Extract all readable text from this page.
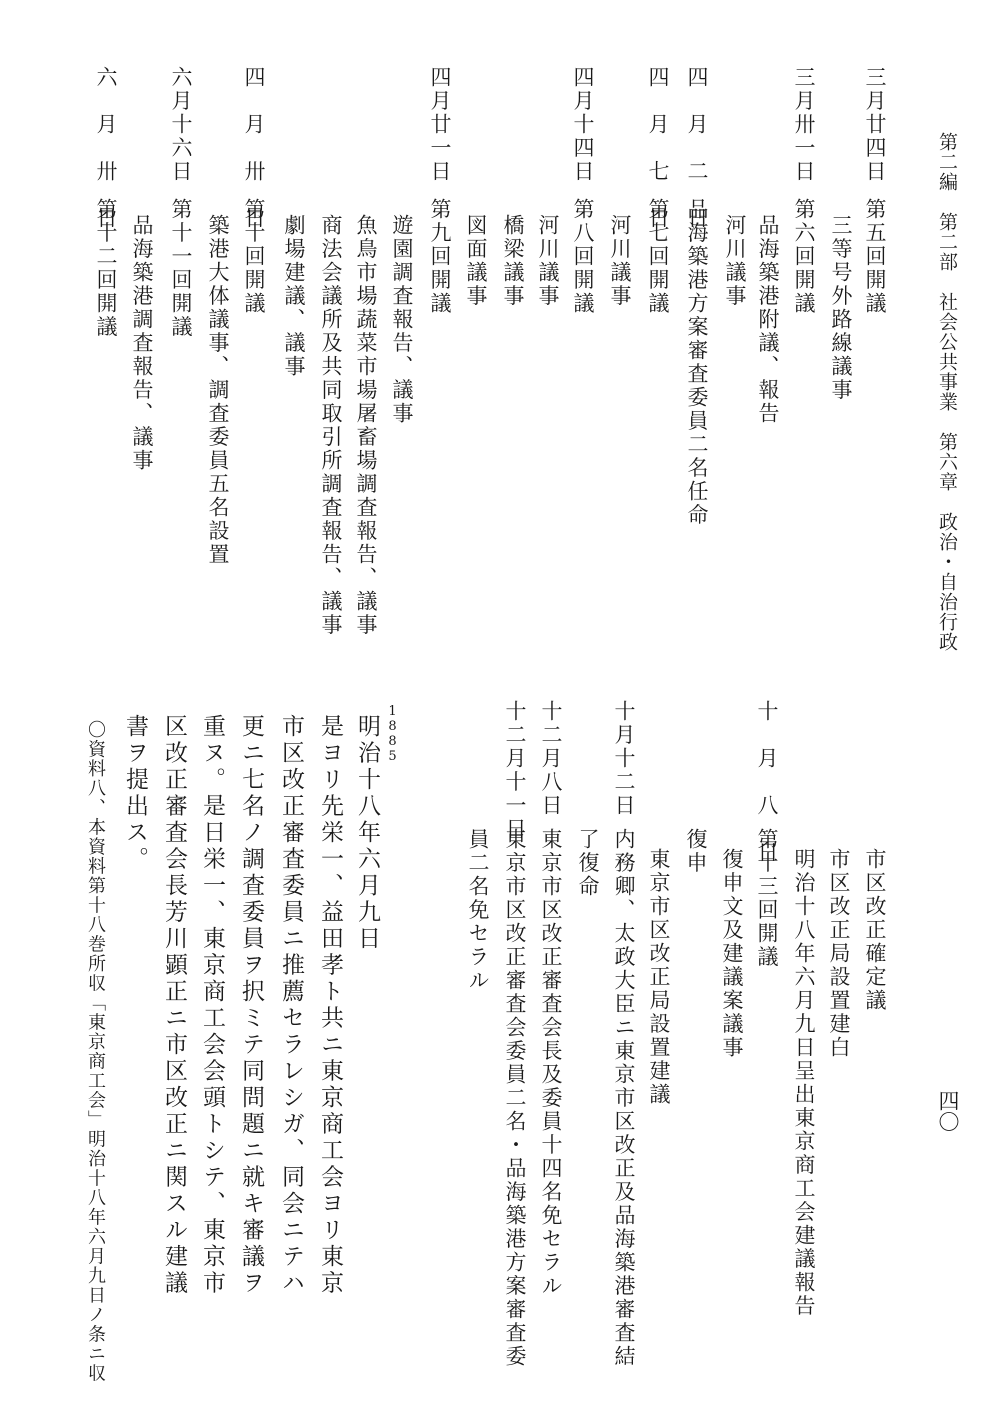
第二編　第二部　社会公共事業　第六章　政治・自治行政
四〇
三月廿四日
第五回開議
三等号外路線議事
三月卅一日
第六回開議
品海築港附議、報告
河川議事
四　月　二　日
品海築港方案審査委員二名任命
四　月　七　日
第七回開議
河川議事
四月十四日
第八回開議
河川議事
橋梁議事
図面議事
四月廿一日
第九回開議
遊園調査報告、議事
魚鳥市場蔬菜市場屠畜場調査報告、議事
商法会議所及共同取引所調査報告、議事
劇場建議、議事
四　月　卅　日
第十回開議
築港大体議事、調査委員五名設置
六月十六日
第十一回開議
品海築港調査報告、議事
六　月　卅　日
第十二回開議
市区改正確定議
市区改正局設置建白
明治十八年六月九日呈出東京商工会建議報告
十　月　八　日
第十三回開議
復申文及建議案議事
復申
東京市区改正局設置建議
十月十二日
内務卿、太政大臣ニ東京市区改正及品海築港審査結
了復命
十二月八日
東京市区改正審査会長及委員十四名免セラル
十二月十一日
東京市区改正審査会委員二名・品海築港方案審査委
員二名免セラル
1885
明治十八年六月九日
是ヨリ先栄一、益田孝ト共ニ東京商工会ヨリ東京
市区改正審査委員ニ推薦セラレシガ、同会ニテハ
更ニ七名ノ調査委員ヲ択ミテ同問題ニ就キ審議ヲ
重ヌ。是日栄一、東京商工会会頭トシテ、東京市
区改正審査会長芳川顕正ニ市区改正ニ関スル建議
書ヲ提出ス。
〇資料八、本資料第十八巻所収「東京商工会」明治十八年六月九日ノ条ニ収
